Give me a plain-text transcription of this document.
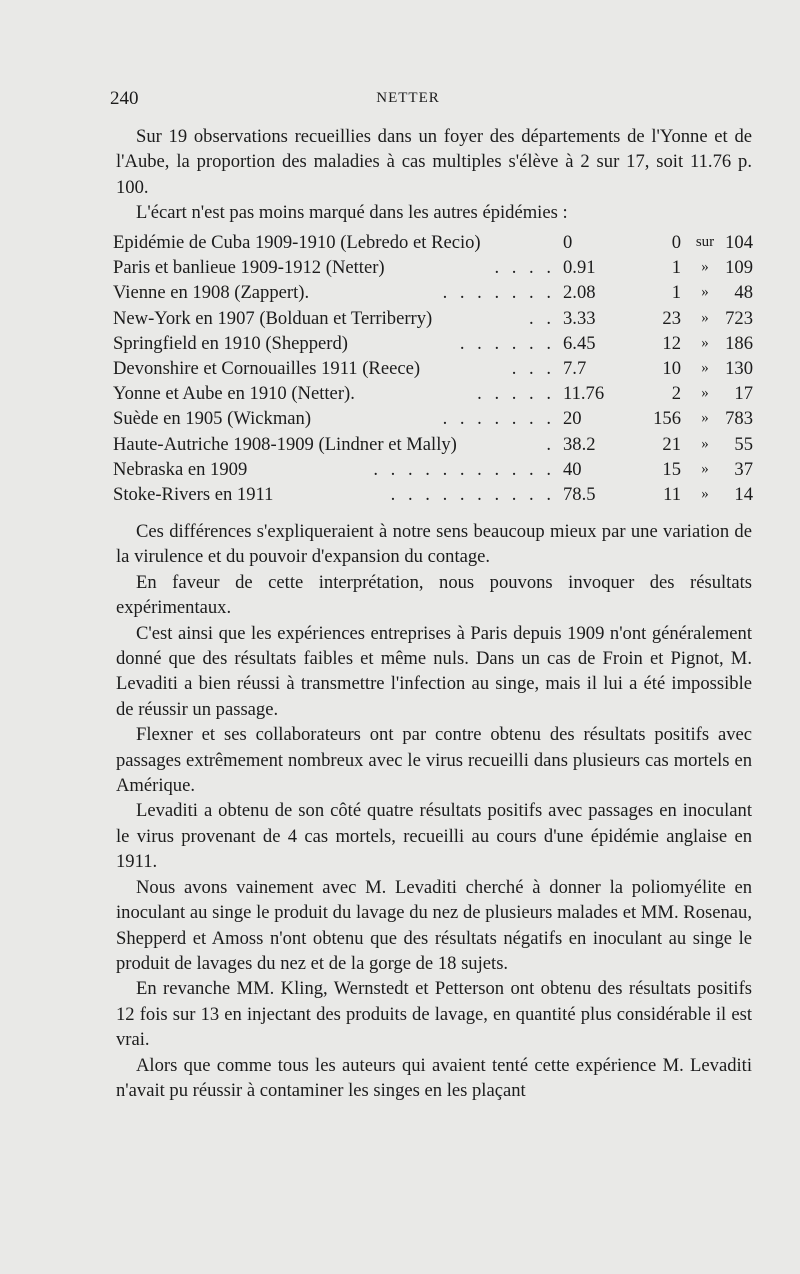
240	NETTER

Sur 19 observations recueillies dans un foyer des départements de l'Yonne et de l'Aube, la proportion des maladies à cas multiples s'élève à 2 sur 17, soit 11.76 p. 100.

L'écart n'est pas moins marqué dans les autres épidémies :

Epidémie de Cuba 1909-1910 (Lebredo et Recio)	0	0 sur 104
Paris et banlieue 1909-1912 (Netter)	. . . . 0.91	1	» 109
Vienne en 1908 (Zappert).	. . . . . . . 2.08	1	»	48
New-York en 1907 (Bolduan et Terriberry)	. . 3.33	23	» 723
Springfield en 1910 (Shepperd)	. . . . . . 6.45	12	» 186
Devonshire et Cornouailles 1911 (Reece)	. . . 7.7	10	» 130
Yonne et Aube en 1910 (Netter).	. . . . . 11.76	2	»	17
Suède en 1905 (Wickman)	. . . . . . . 20	156	» 783
Haute-Autriche 1908-1909 (Lindner et Mally)	. 38.2	21	»	55
Nebraska en 1909	. . . . . . . . . . . 40	15	»	37
Stoke-Rivers en 1911	. . . . . . . . . . 78.5	11	»	14

Ces différences s'expliqueraient à notre sens beaucoup mieux par une variation de la virulence et du pouvoir d'expansion du contage.

En faveur de cette interprétation, nous pouvons invoquer des résultats expérimentaux.

C'est ainsi que les expériences entreprises à Paris depuis 1909 n'ont généralement donné que des résultats faibles et même nuls. Dans un cas de Froin et Pignot, M. Levaditi a bien réussi à transmettre l'infection au singe, mais il lui a été impossible de réussir un passage.

Flexner et ses collaborateurs ont par contre obtenu des résultats positifs avec passages extrêmement nombreux avec le virus recueilli dans plusieurs cas mortels en Amérique.

Levaditi a obtenu de son côté quatre résultats positifs avec passages en inoculant le virus provenant de 4 cas mortels, recueilli au cours d'une épidémie anglaise en 1911.

Nous avons vainement avec M. Levaditi cherché à donner la poliomyélite en inoculant au singe le produit du lavage du nez de plusieurs malades et MM. Rosenau, Shepperd et Amoss n'ont obtenu que des résultats négatifs en inoculant au singe le produit de lavages du nez et de la gorge de 18 sujets.

En revanche MM. Kling, Wernstedt et Petterson ont obtenu des résultats positifs 12 fois sur 13 en injectant des produits de lavage, en quantité plus considérable il est vrai.

Alors que comme tous les auteurs qui avaient tenté cette expérience M. Levaditi n'avait pu réussir à contaminer les singes en les plaçant
